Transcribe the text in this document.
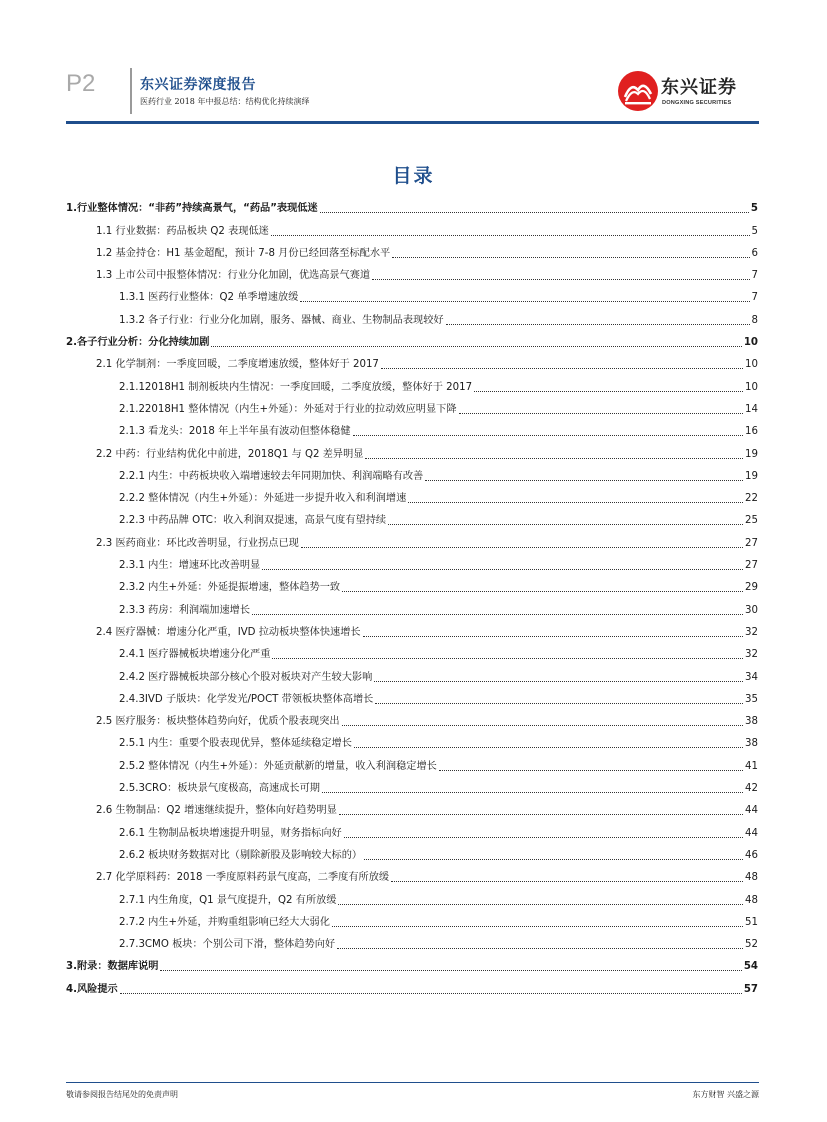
P2	东兴证券深度报告
医药行业 2018 年中报总结：结构优化持续演绎
东兴证券
DONGXING SECURITIES
目录
1.行业整体情况：“非药”持续高景气，“药品”表现低迷	5
1.1 行业数据：药品板块 Q2 表现低迷	5
1.2 基金持仓：H1 基金超配，预计 7-8 月份已经回落至标配水平	6
1.3 上市公司中报整体情况：行业分化加剧，优选高景气赛道	7
1.3.1 医药行业整体：Q2 单季增速放缓	7
1.3.2 各子行业：行业分化加剧，服务、器械、商业、生物制品表现较好	8
2.各子行业分析：分化持续加剧	10
2.1 化学制剂：一季度回暖，二季度增速放缓，整体好于 2017	10
2.1.12018H1 制剂板块内生情况：一季度回暖，二季度放缓，整体好于 2017	10
2.1.22018H1 整体情况（内生+外延）：外延对于行业的拉动效应明显下降	14
2.1.3 看龙头：2018 年上半年虽有波动但整体稳健	16
2.2 中药：行业结构优化中前进，2018Q1 与 Q2 差异明显	19
2.2.1 内生：中药板块收入端增速较去年同期加快、利润端略有改善	19
2.2.2 整体情况（内生+外延）：外延进一步提升收入和利润增速	22
2.2.3 中药品牌 OTC：收入利润双提速，高景气度有望持续	25
2.3 医药商业：环比改善明显，行业拐点已现	27
2.3.1 内生：增速环比改善明显	27
2.3.2 内生+外延：外延提振增速，整体趋势一致	29
2.3.3 药房：利润端加速增长	30
2.4 医疗器械：增速分化严重，IVD 拉动板块整体快速增长	32
2.4.1 医疗器械板块增速分化严重	32
2.4.2 医疗器械板块部分核心个股对板块对产生较大影响	34
2.4.3IVD 子版块：化学发光/POCT 带领板块整体高增长	35
2.5 医疗服务：板块整体趋势向好，优质个股表现突出	38
2.5.1 内生：重要个股表现优异，整体延续稳定增长	38
2.5.2 整体情况（内生+外延）：外延贡献新的增量，收入利润稳定增长	41
2.5.3CRO：板块景气度极高，高速成长可期	42
2.6 生物制品：Q2 增速继续提升，整体向好趋势明显	44
2.6.1 生物制品板块增速提升明显，财务指标向好	44
2.6.2 板块财务数据对比（剔除新股及影响较大标的）	46
2.7 化学原料药：2018 一季度原料药景气度高，二季度有所放缓	48
2.7.1 内生角度，Q1 景气度提升，Q2 有所放缓	48
2.7.2 内生+外延，并购重组影响已经大大弱化	51
2.7.3CMO 板块：个别公司下滑，整体趋势向好	52
3.附录：数据库说明	54
4.风险提示	57
敬请参阅报告结尾处的免责声明	东方财智 兴盛之源
